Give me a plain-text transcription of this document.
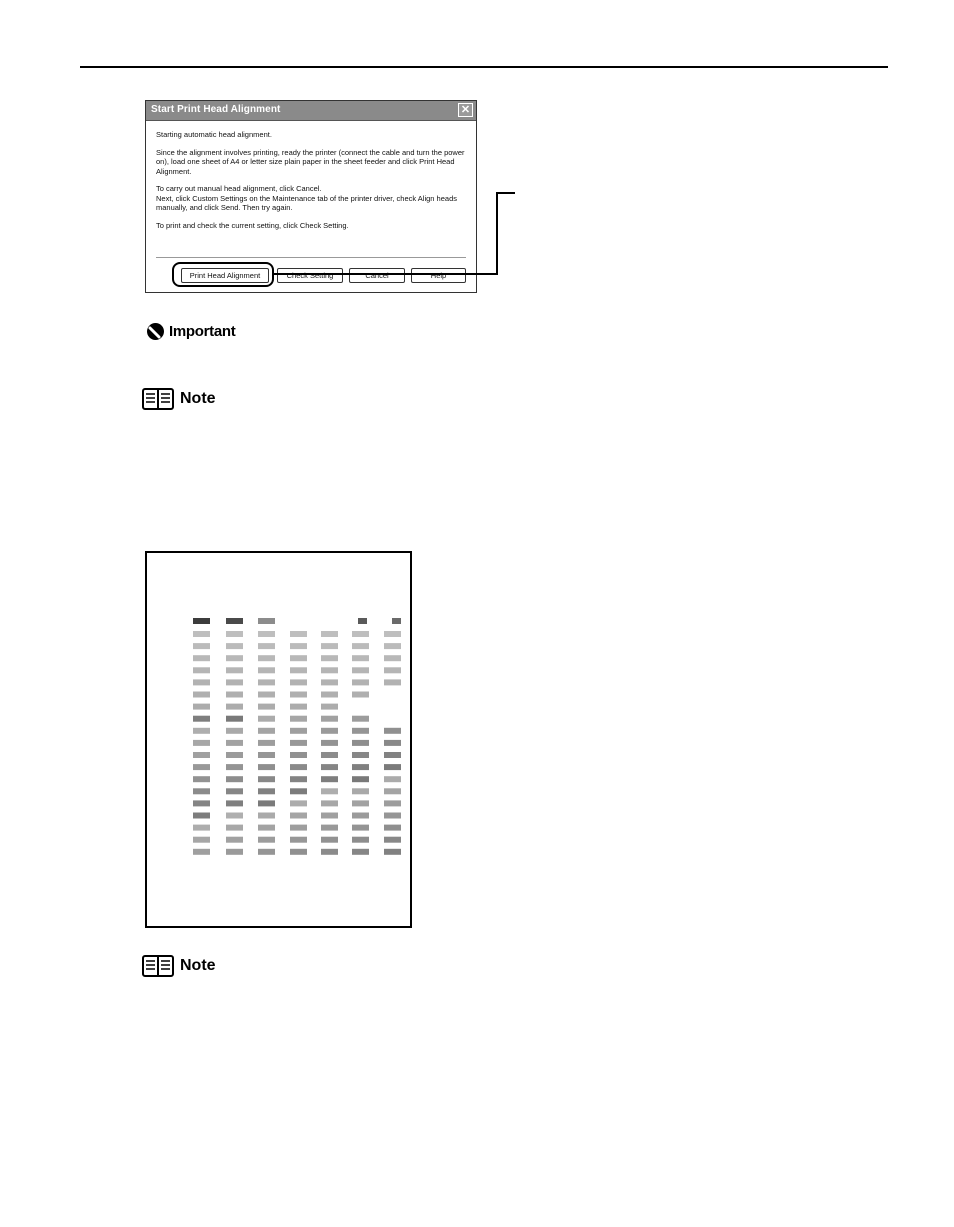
Start Print Head Alignment	✕

Starting automatic head alignment.

Since the alignment involves printing, ready the printer (connect the cable and turn the power on), load one sheet of A4 or letter size plain paper in the sheet feeder and click Print Head Alignment.

To carry out manual head alignment, click Cancel.
Next, click Custom Settings on the Maintenance tab of the printer driver, check Align heads manually, and click Send. Then try again.

To print and check the current setting, click Check Setting.

Print Head Alignment	Check Setting	Cancel	Help
Important
Note
Note
